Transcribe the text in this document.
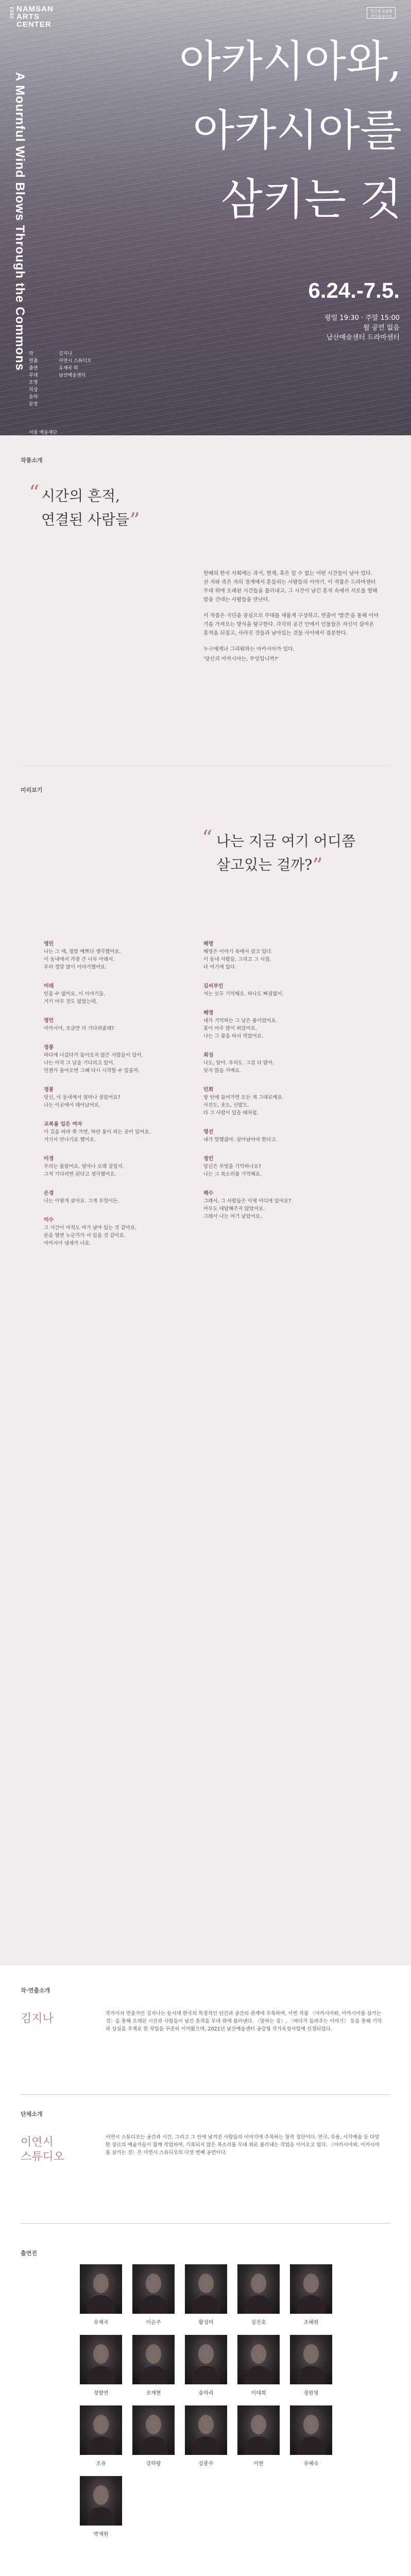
2022 NAMSAN
ARTS
CENTER
연극계 공감형
작가육성사업
A Mournful Wind Blows Through the Commons
아카시아와,
아카시아를
삼키는 것
6.24.-7.5.
평일 19:30 · 주말 15:00
월 공연 없음
남산예술센터 드라마센터
작	김지나
연출	이연시 스튜디오
출연	유재국 외
무대	남산예술센터
조명
의상
음악
분장
서울 예술재단
작품소개
“ 시간의 흔적,
연결된 사람들”

한때의 한국 사회에는 과거, 현재, 혹은 알 수 없는 어떤 시간들이 남아 있다. 산 자와 죽은 자의 경계에서 흔들리는 사람들의 이야기. 이 작품은 드라마센터 무대 위에 오래된 시간들을 불러내고, 그 시간이 남긴 흔적 속에서 서로를 향해 말을 건네는 사람들을 만난다.

이 작품은 극단을 중심으로 무대를 새롭게 구성하고, 연출이 '발견'을 통해 이야기를 가져오는 방식을 탐구한다. 각각의 공간 안에서 인물들은 자신이 살아온 흔적을 되짚고, 사라진 것들과 남아있는 것들 사이에서 질문한다.

누구에게나 그리워하는 아카시아가 있다.

'당신의 아카시아는, 무엇입니까?'

미리보기
“ 나는 지금 여기 어디쯤
살고있는 걸까?”
영민
나는 그 애, 정말 예쁘다 생각했어요.
이 동네에서 가장 큰 나무 아래서.
우리 정말 많이 이야기했어요.
미래
믿을 수 없어요. 이 이야기들.
거기 아무 것도 없었는데.
영민
아카시아, 조금만 더 기다려줄래?
정봉
바다에 나갔다가 돌아오지 않은 사람들이 있어.
나는 아직 그 날을 기다리고 있어.
언젠가 돌아오면 그때 다시 시작할 수 있을까.
정봉
당신, 이 동네에서 얼마나 살았어요?
나는 이곳에서 태어났어요.
교복을 입은 여자
이 길을 따라 쭉 가면, 하얀 꽃이 피는 곳이 있어요.
거기서 만나기로 했어요.
미경
우리는 몰랐어요. 얼마나 오래 걸릴지.
그저 기다리면 된다고 생각했어요.
은경
나는 이렇게 살아요. 그게 무엇이든.
미수
그 시간이 아직도 여기 남아 있는 것 같아요.
문을 열면 누군가가 서 있을 것 같아요.
아카시아 냄새가 나요.
해영
해영은 이야기 속에서 살고 있다.
이 동네 사람들, 그리고 그 시절.
다 여기에 있다.
김씨부인
저는 모두 기억해요. 하나도 빠짐없이.
해영
내가 기억하는 그 날은 봄이었어요.
꽃이 아주 많이 피었어요.
나는 그 꽃을 따서 먹었어요.
최성
나도, 알아. 우리도. 그걸 다 알아.
잊지 않을 거예요.
민희
방 안에 들어가면 모든 게 그대로예요.
사진도, 옷도, 신발도.
다 그 사람이 있을 때처럼.
영선
내가 말했잖아. 살아남아야 한다고.
정인
당신은 무엇을 기억하나요?
나는 그 목소리를 기억해요.
해수
그래서, 그 사람들은 이제 어디에 있어요?
아무도 대답해주지 않았어요.
그래서 나는 여기 남았어요.
작·연출소개
김지나	작가이자 연출가인 김지나는 동시대 한국의 특정적인 인간과 공간의 관계에 주목하며, 이번 작품 〈아카시아와, 아카시아를 삼키는 것〉을 통해 오래된 시간과 사람들이 남긴 흔적을 무대 위에 불러낸다. 〈말하는 집〉, 〈바다가 들려주는 이야기〉 등을 통해 기억과 상실을 주제로 한 작업을 꾸준히 이어왔으며, 2021년 남산예술센터 공감형 작가육성사업에 선정되었다.
단체소개
이연시
스튜디오
이연시 스튜디오는 공간과 시간, 그리고 그 안에 남겨진 사람들의 이야기에 주목하는 창작 집단이다. 연극, 무용, 시각예술 등 다양한 장르의 예술가들이 함께 작업하며, 기록되지 않은 목소리를 무대 위로 불러내는 작업을 이어오고 있다. 〈아카시아와, 아카시아를 삼키는 것〉은 이연시 스튜디오의 다섯 번째 공연이다.
출연진
유재국	이순주	황성미	김진호	조혜원
정향연	조재현	송하리	이대희	장원영
조유	강하랑	김종우	이현	유혜숙
박재원
